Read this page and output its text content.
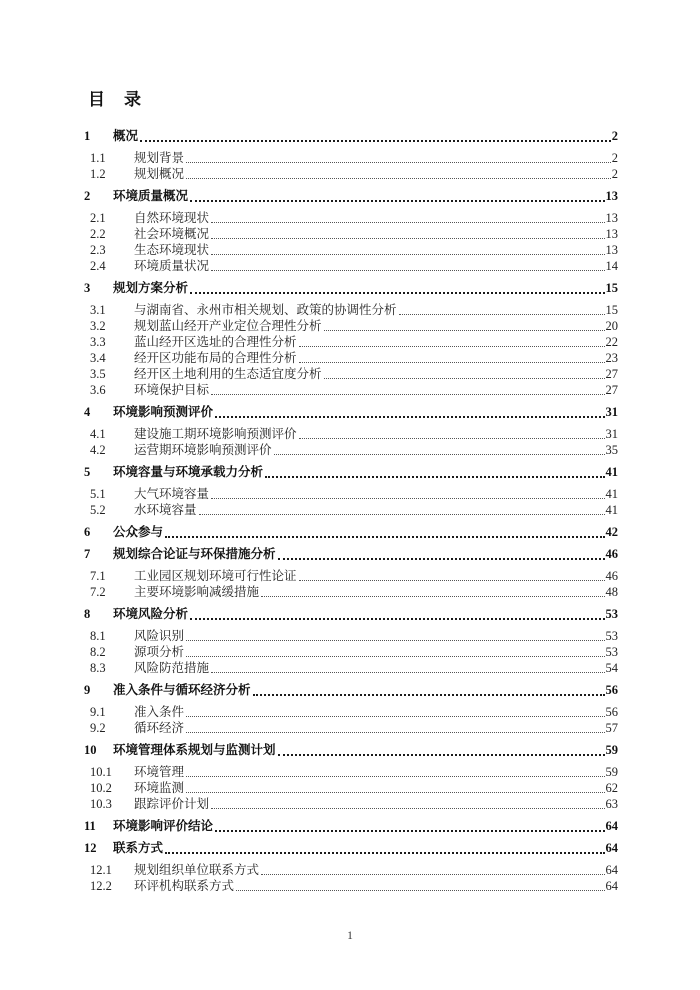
目　录
1	概况	2
1.1	规划背景	2
1.2	规划概况	2
2	环境质量概况	13
2.1	自然环境现状	13
2.2	社会环境概况	13
2.3	生态环境现状	13
2.4	环境质量状况	14
3	规划方案分析	15
3.1	与湖南省、永州市相关规划、政策的协调性分析	15
3.2	规划蓝山经开产业定位合理性分析	20
3.3	蓝山经开区选址的合理性分析	22
3.4	经开区功能布局的合理性分析	23
3.5	经开区土地利用的生态适宜度分析	27
3.6	环境保护目标	27
4	环境影响预测评价	31
4.1	建设施工期环境影响预测评价	31
4.2	运营期环境影响预测评价	35
5	环境容量与环境承载力分析	41
5.1	大气环境容量	41
5.2	水环境容量	41
6	公众参与	42
7	规划综合论证与环保措施分析	46
7.1	工业园区规划环境可行性论证	46
7.2	主要环境影响减缓措施	48
8	环境风险分析	53
8.1	风险识别	53
8.2	源项分析	53
8.3	风险防范措施	54
9	准入条件与循环经济分析	56
9.1	准入条件	56
9.2	循环经济	57
10	环境管理体系规划与监测计划	59
10.1	环境管理	59
10.2	环境监测	62
10.3	跟踪评价计划	63
11	环境影响评价结论	64
12	联系方式	64
12.1	规划组织单位联系方式	64
12.2	环评机构联系方式	64
1
